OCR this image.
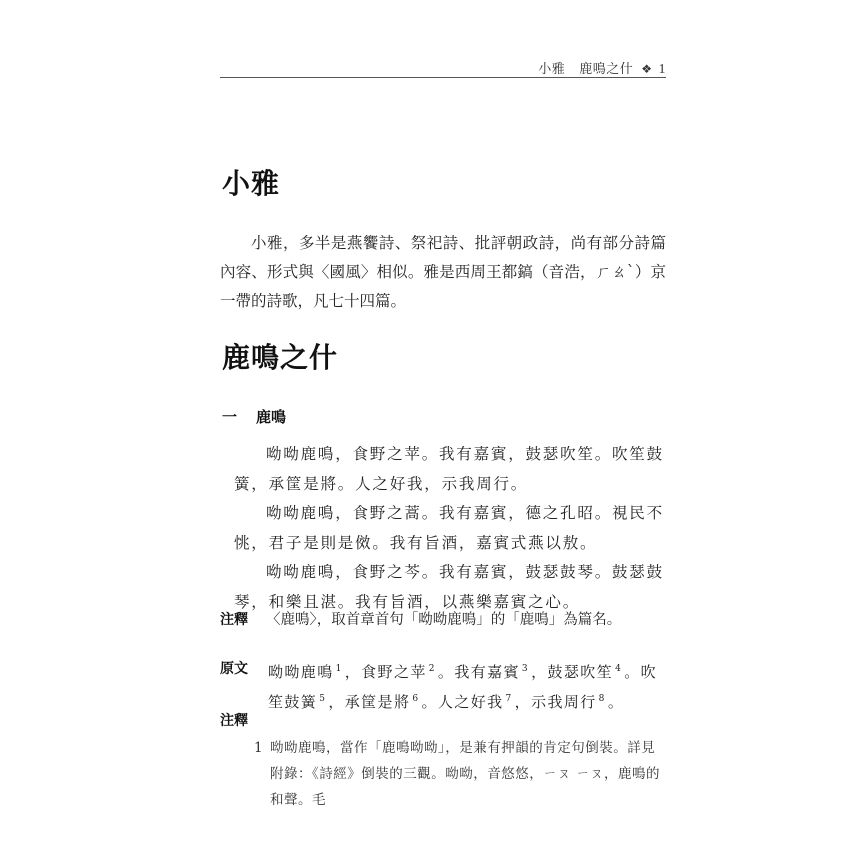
小雅 鹿鳴之什 ❖ 1
小雅

小雅，多半是燕饗詩、祭祀詩、批評朝政詩，尚有部分詩篇內容、形式與〈國風〉相似。雅是西周王都鎬（音浩，ㄏㄠˋ）京一帶的詩歌，凡七十四篇。

鹿鳴之什
一 鹿鳴

呦呦鹿鳴，食野之苹。我有嘉賓，鼓瑟吹笙。吹笙鼓簧，承筐是將。人之好我，示我周行。

呦呦鹿鳴，食野之蒿。我有嘉賓，德之孔昭。視民不恌，君子是則是傚。我有旨酒，嘉賓式燕以敖。

呦呦鹿鳴，食野之芩。我有嘉賓，鼓瑟鼓琴。鼓瑟鼓琴，和樂且湛。我有旨酒，以燕樂嘉賓之心。

注釋 〈鹿鳴〉，取首章首句「呦呦鹿鳴」的「鹿鳴」為篇名。
原文 呦呦鹿鳴 $^1$ ，食野之苹 $^2$ 。我有嘉賓 $^3$ ，鼓瑟吹笙 $^4$ 。吹笙鼓簧 $^5$ ，承筐是將 $^6$ 。人之好我 $^7$ ，示我周行 $^8$ 。
注釋
1 呦呦鹿鳴，當作「鹿鳴呦呦」，是兼有押韻的肯定句倒裝。詳見附錄：《詩經》倒裝的三觀。呦呦，音悠悠，ㄧㄡ ㄧㄡ，鹿鳴的和聲。毛
